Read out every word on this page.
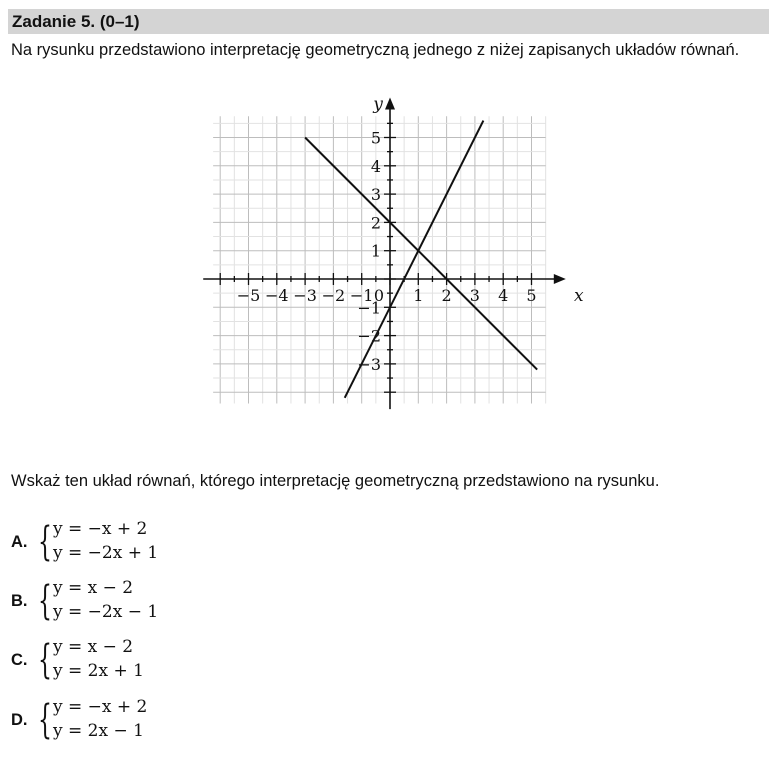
Zadanie 5. (0–1)
Na rysunku przedstawiono interpretację geometryczną jednego z niżej zapisanych układów równań.
−5 −4 −3 −2 −1 0 1 2 3 4 5
5
4
3
2
1
−1
−2
−3
x
y
Wskaż ten układ równań, którego interpretację geometryczną przedstawiono na rysunku.
A. { y = −x + 2
y = −2x + 1
B. { y = x − 2
y = −2x − 1
C. { y = x − 2
y = 2x + 1
D. { y = −x + 2
y = 2x − 1
